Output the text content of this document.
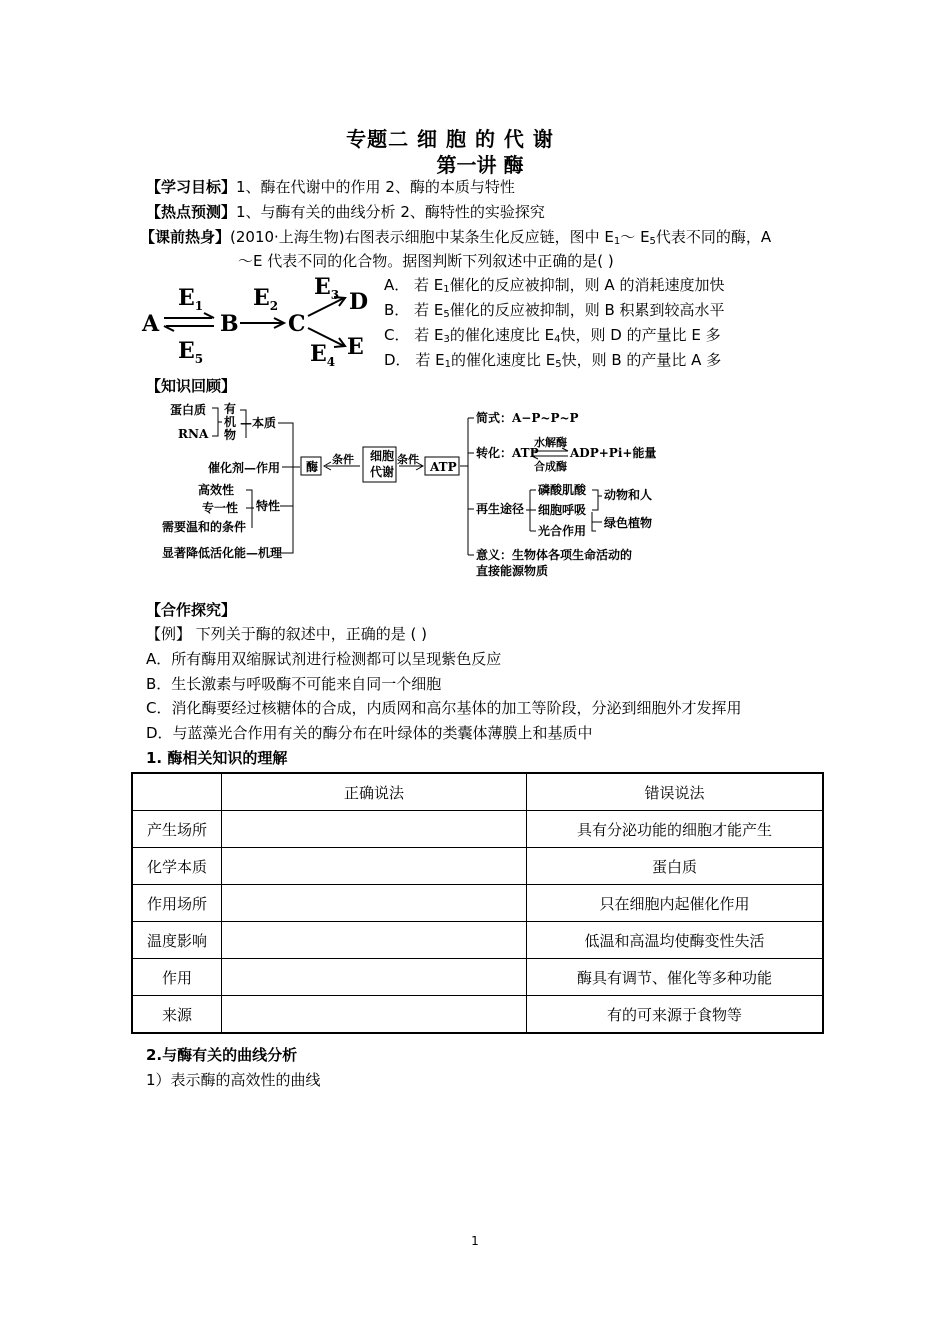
专题二 细 胞 的 代 谢
第一讲 酶
【学习目标】1、酶在代谢中的作用 2、酶的本质与特性
【热点预测】1、与酶有关的曲线分析 2、酶特性的实验探究
【课前热身】(2010·上海生物)右图表示细胞中某条生化反应链，图中 $E_1\sim$ $E_5$代表不同的酶，A
～E 代表不同的化合物。据图判断下列叙述中正确的是( )
A	B C
D
E
$E_1$ $E_2$
$E_3$
$E_4$
$E_5$
A． 若 $E_1$催化的反应被抑制，则 A 的消耗速度加快
B． 若 $E_5$催化的反应被抑制，则 B 积累到较高水平
C． 若 $E_3$的催化速度比 $E_4$快，则 D 的产量比 E 多
D． 若 $E_1$的催化速度比 $E_5$快，则 B 的产量比 A 多
【知识回顾】
蛋白质
RNA
有
机
物
—本质
催化剂—作用
高效性
专一性
需要温和的条件
特性
显著降低活化能—机理
酶
条件 细胞
代谢
条件
ATP
简式：A−P~P~P
转化：ATP
水解酶
合成酶
ADP+Pi+能量
再生途径
磷酸肌酸
细胞呼吸
光合作用
动物和人
绿色植物
意义：生物体各项生命活动的
直接能源物质
【合作探究】
【例】 下列关于酶的叙述中，正确的是 ( )
A．所有酶用双缩脲试剂进行检测都可以呈现紫色反应
B．生长激素与呼吸酶不可能来自同一个细胞
C．消化酶要经过核糖体的合成，内质网和高尔基体的加工等阶段，分泌到细胞外才发挥用
D．与蓝藻光合作用有关的酶分布在叶绿体的类囊体薄膜上和基质中
1. 酶相关知识的理解
	正确说法	错误说法
产生场所		具有分泌功能的细胞才能产生
化学本质		蛋白质
作用场所		只在细胞内起催化作用
温度影响		低温和高温均使酶变性失活
作用		酶具有调节、催化等多种功能
来源		有的可来源于食物等
2.与酶有关的曲线分析
1）表示酶的高效性的曲线
1
